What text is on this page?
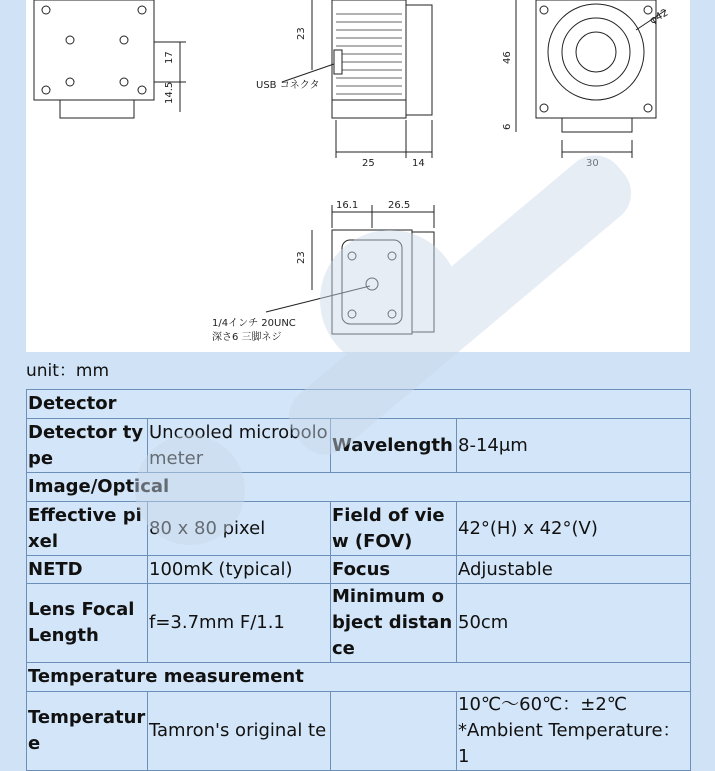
17
14.5
23
USB コネクタ
25	14
φ42
46
6
30
16.1	26.5
23
1/4インチ 20UNC
深さ6 三脚ネジ
unit：mm
Detector			
Detector type	Uncooled microbolometer	Wavelength	8-14μm
Image/Optical			
Effective pixel	80 x 80 pixel	Field of view (FOV)	42°(H) x 42°(V)
NETD	100mK (typical)	Focus	Adjustable
Lens Focal Length	f=3.7mm F/1.1	Minimum object distance	50cm
Temperature measurement			
Temperature	Tamron's original te		10℃～60℃：±2℃
*Ambient Temperature：1
